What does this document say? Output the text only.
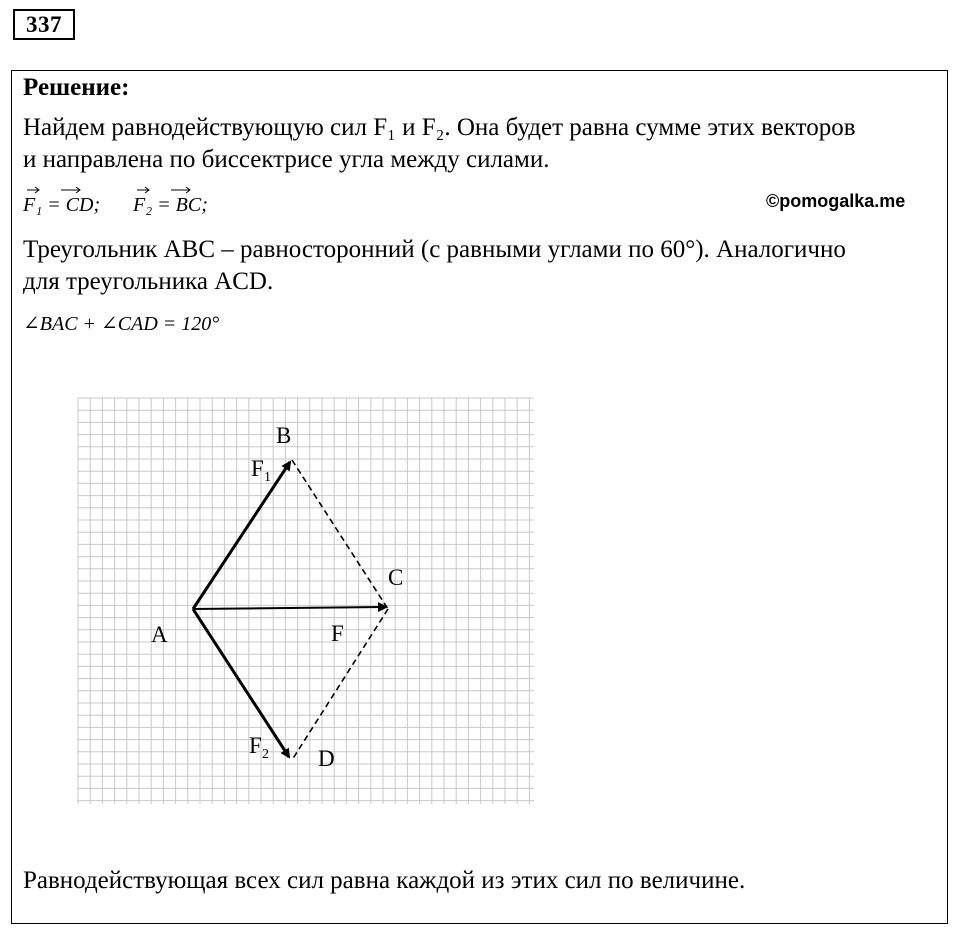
337
Решение:

Найдем равнодействующую сил F₁ и F₂. Она будет равна сумме этих векторов

и направлена по биссектрисе угла между силами.

F₁ = CD; F₂ = BC;	©pomogalka.me

Треугольник ABC – равносторонний (с равными углами по 60°). Аналогично

для треугольника ACD.

∠BAC + ∠CAD = 120°
B
C
A
D
F 1
F 2
F

Равнодействующая всех сил равна каждой из этих сил по величине.
